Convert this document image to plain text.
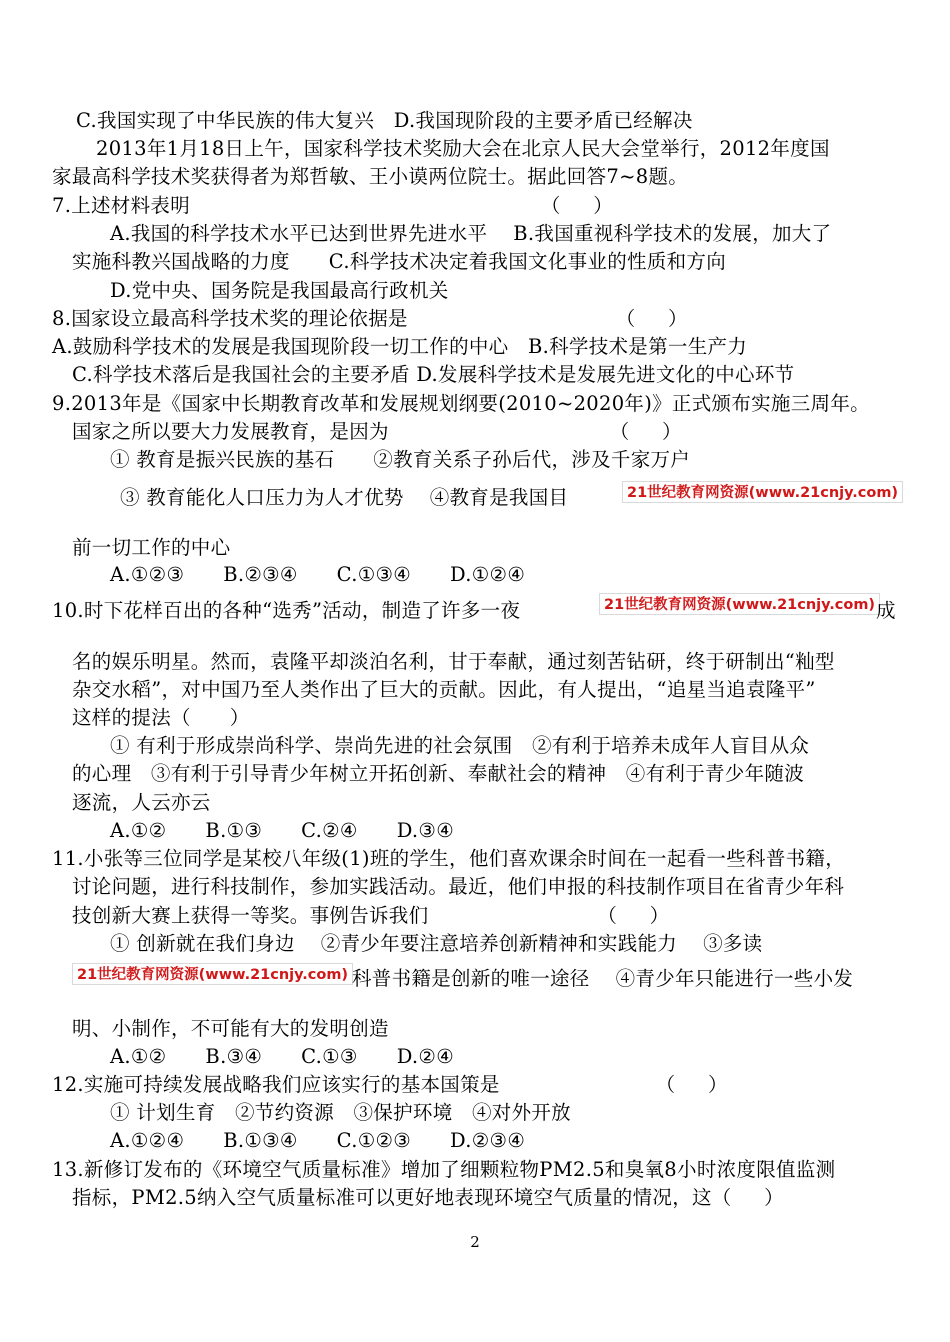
C.我国实现了中华民族的伟大复兴   D.我国现阶段的主要矛盾已经解决
2013年1月18日上午，国家科学技术奖励大会在北京人民大会堂举行，2012年度国
家最高科学技术奖获得者为郑哲敏、王小谟两位院士。据此回答7~8题。
7.上述材料表明                                                      （     ）
A.我国的科学技术水平已达到世界先进水平    B.我国重视科学技术的发展，加大了
实施科教兴国战略的力度      C.科学技术决定着我国文化事业的性质和方向
D.党中央、国务院是我国最高行政机关
8.国家设立最高科学技术奖的理论依据是                                （     ）
A.鼓励科学技术的发展是我国现阶段一切工作的中心   B.科学技术是第一生产力
C.科学技术落后是我国社会的主要矛盾 D.发展科学技术是发展先进文化的中心环节
9.2013年是《国家中长期教育改革和发展规划纲要(2010~2020年)》正式颁布实施三周年。
国家之所以要大力发展教育，是因为                                  （     ）
① 教育是振兴民族的基石      ②教育关系子孙后代，涉及千家万户
③ 教育能化人口压力为人才优势    ④教育是我国目	21世纪教育网资源(www.21cnjy.com)
前一切工作的中心
A.①②③      B.②③④      C.①③④      D.①②④
10.时下花样百出的各种“选秀”活动，制造了许多一夜	21世纪教育网资源(www.21cnjy.com) 成
名的娱乐明星。然而，袁隆平却淡泊名利，甘于奉献，通过刻苦钻研，终于研制出“籼型
杂交水稻”，对中国乃至人类作出了巨大的贡献。因此，有人提出，“追星当追袁隆平”
这样的提法（      ）
① 有利于形成崇尚科学、崇尚先进的社会氛围   ②有利于培养未成年人盲目从众
的心理   ③有利于引导青少年树立开拓创新、奉献社会的精神   ④有利于青少年随波
逐流，人云亦云
A.①②      B.①③      C.②④      D.③④
11.小张等三位同学是某校八年级(1)班的学生，他们喜欢课余时间在一起看一些科普书籍，
讨论问题，进行科技制作，参加实践活动。最近，他们申报的科技制作项目在省青少年科
技创新大赛上获得一等奖。事例告诉我们                          （     ）
① 创新就在我们身边    ②青少年要注意培养创新精神和实践能力    ③多读
21世纪教育网资源(www.21cnjy.com) 科普书籍是创新的唯一途径    ④青少年只能进行一些小发
明、小制作，不可能有大的发明创造
A.①②      B.③④      C.①③      D.②④
12.实施可持续发展战略我们应该实行的基本国策是                        （     ）
① 计划生育   ②节约资源   ③保护环境   ④对外开放
A.①②④      B.①③④      C.①②③      D.②③④
13.新修订发布的《环境空气质量标准》增加了细颗粒物PM2.5和臭氧8小时浓度限值监测
指标，PM2.5纳入空气质量标准可以更好地表现环境空气质量的情况，这（     ）
2
